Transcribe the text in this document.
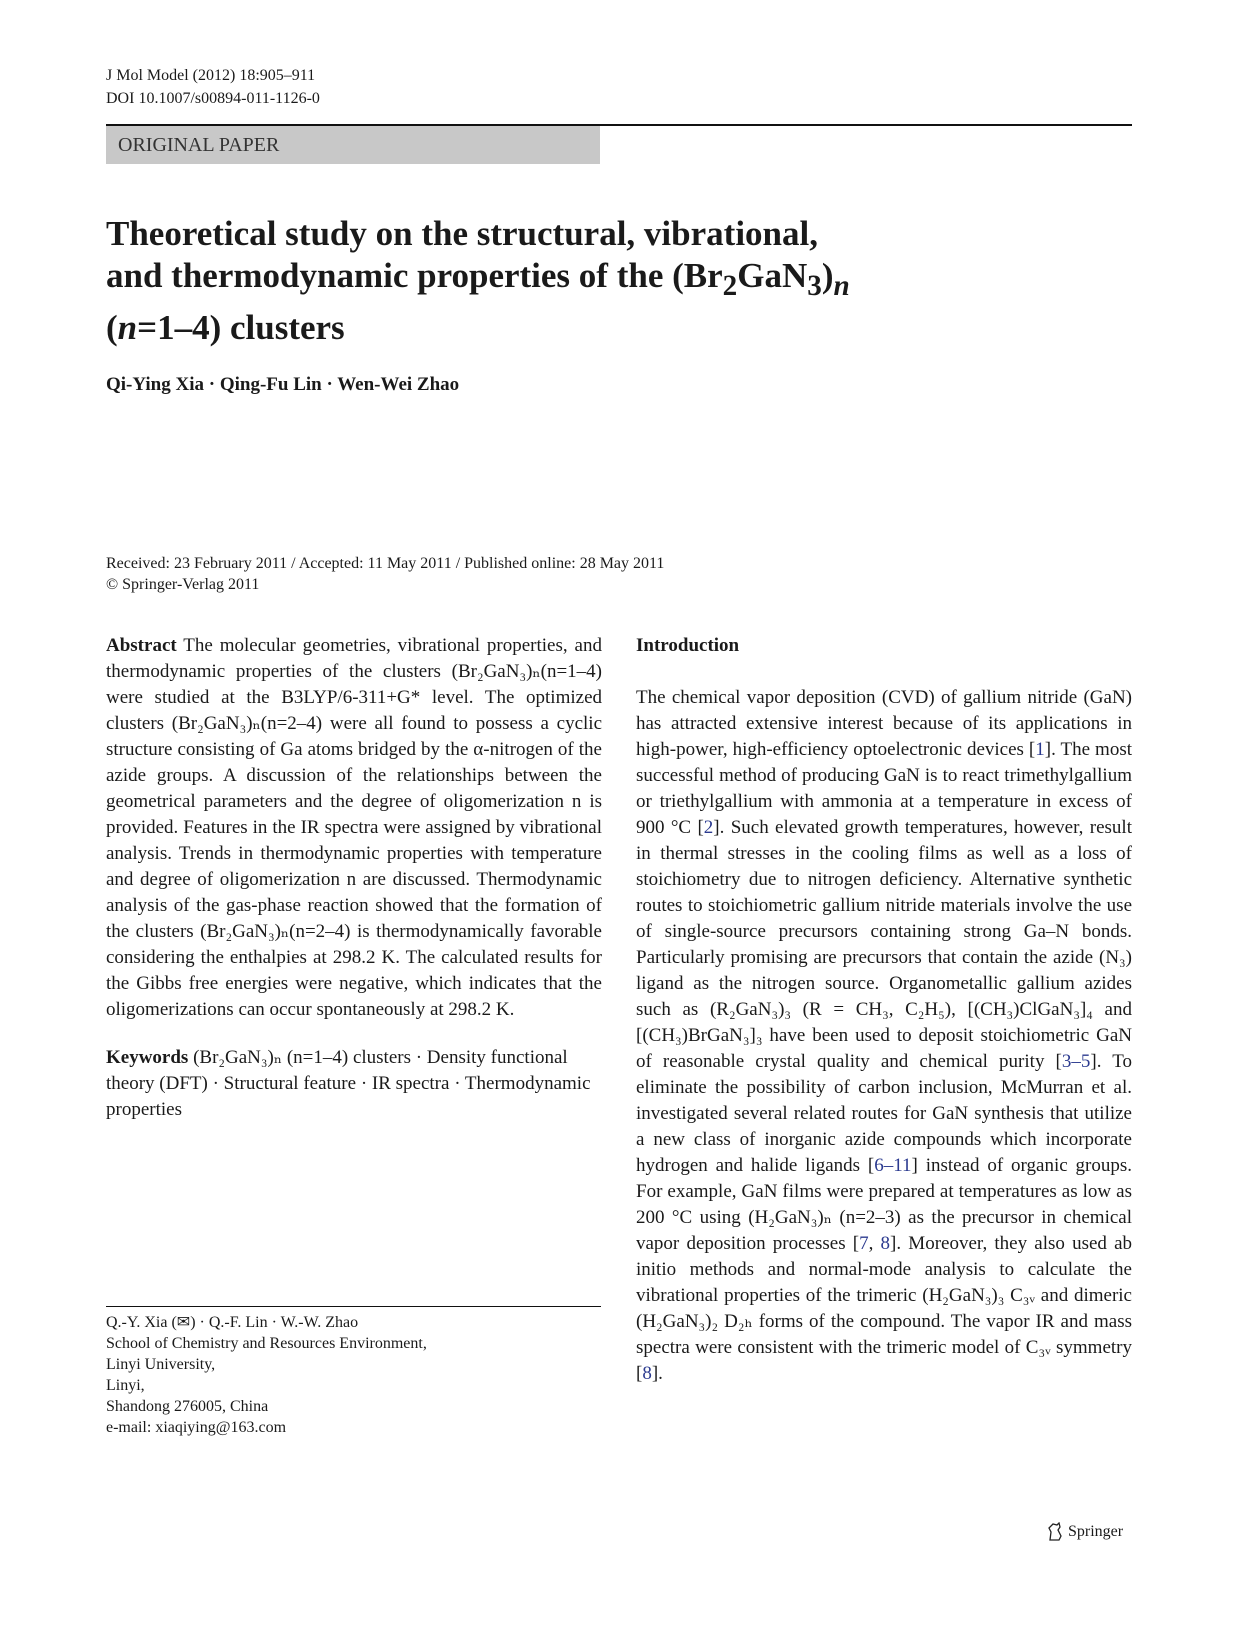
J Mol Model (2012) 18:905–911
DOI 10.1007/s00894-011-1126-0
ORIGINAL PAPER
Theoretical study on the structural, vibrational,
and thermodynamic properties of the $(Br_2GaN_3)_n$
(n=1–4) clusters
Qi-Ying Xia · Qing-Fu Lin · Wen-Wei Zhao
Received: 23 February 2011 / Accepted: 11 May 2011 / Published online: 28 May 2011
© Springer-Verlag 2011

Abstract The molecular geometries, vibrational properties, and thermodynamic properties of the clusters (Br₂GaN₃)ₙ(n=1–4) were studied at the B3LYP/6-311+G* level. The optimized clusters (Br₂GaN₃)ₙ(n=2–4) were all found to possess a cyclic structure consisting of Ga atoms bridged by the α-nitrogen of the azide groups. A discussion of the relationships between the geometrical parameters and the degree of oligomerization n is provided. Features in the IR spectra were assigned by vibrational analysis. Trends in thermodynamic properties with temperature and degree of oligomerization n are discussed. Thermodynamic analysis of the gas-phase reaction showed that the formation of the clusters (Br₂GaN₃)ₙ(n=2–4) is thermodynamically favorable considering the enthalpies at 298.2 K. The calculated results for the Gibbs free energies were negative, which indicates that the oligomerizations can occur spontaneously at 298.2 K.

Keywords (Br₂GaN₃)ₙ (n=1–4) clusters · Density functional theory (DFT) · Structural feature · IR spectra · Thermodynamic properties

Q.-Y. Xia (✉) · Q.-F. Lin · W.-W. Zhao
School of Chemistry and Resources Environment,
Linyi University,
Linyi,
Shandong 276005, China
e-mail: xiaqiying@163.com

Introduction

The chemical vapor deposition (CVD) of gallium nitride (GaN) has attracted extensive interest because of its applications in high-power, high-efficiency optoelectronic devices [1]. The most successful method of producing GaN is to react trimethylgallium or triethylgallium with ammonia at a temperature in excess of 900 °C [2]. Such elevated growth temperatures, however, result in thermal stresses in the cooling films as well as a loss of stoichiometry due to nitrogen deficiency. Alternative synthetic routes to stoichiometric gallium nitride materials involve the use of single-source precursors containing strong Ga–N bonds. Particularly promising are precursors that contain the azide (N₃) ligand as the nitrogen source. Organometallic gallium azides such as (R₂GaN₃)₃ (R = CH₃, C₂H₅), [(CH₃)ClGaN₃]₄ and [(CH₃)BrGaN₃]₃ have been used to deposit stoichiometric GaN of reasonable crystal quality and chemical purity [3–5]. To eliminate the possibility of carbon inclusion, McMurran et al. investigated several related routes for GaN synthesis that utilize a new class of inorganic azide compounds which incorporate hydrogen and halide ligands [6–11] instead of organic groups. For example, GaN films were prepared at temperatures as low as 200 °C using (H₂GaN₃)ₙ (n=2–3) as the precursor in chemical vapor deposition processes [7, 8]. Moreover, they also used ab initio methods and normal-mode analysis to calculate the vibrational properties of the trimeric (H₂GaN₃)₃ C₃ᵥ and dimeric (H₂GaN₃)₂ D₂ₕ forms of the compound. The vapor IR and mass spectra were consistent with the trimeric model of C₃ᵥ symmetry [8].

Springer
